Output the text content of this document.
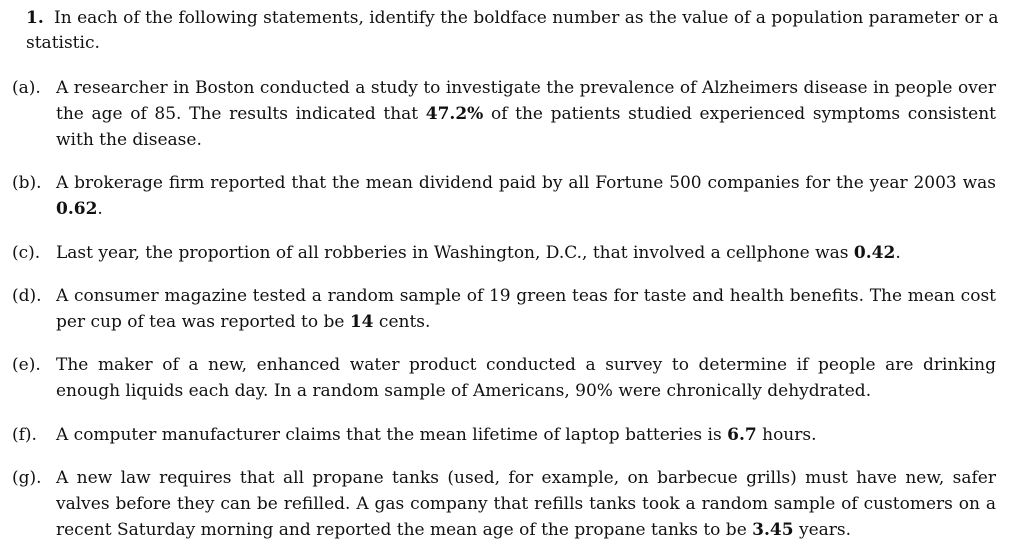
1. In each of the following statements, identify the boldface number as the value of a population parameter or a statistic.
(a). A researcher in Boston conducted a study to investigate the prevalence of Alzheimers disease in people over the age of 85. The results indicated that 47.2% of the patients studied experienced symptoms consistent with the disease.
(b). A brokerage firm reported that the mean dividend paid by all Fortune 500 companies for the year 2003 was 0.62.
(c). Last year, the proportion of all robberies in Washington, D.C., that involved a cellphone was 0.42.
(d). A consumer magazine tested a random sample of 19 green teas for taste and health benefits. The mean cost per cup of tea was reported to be 14 cents.
(e). The maker of a new, enhanced water product conducted a survey to determine if people are drinking enough liquids each day. In a random sample of Americans, 90% were chronically dehydrated.
(f).	A computer manufacturer claims that the mean lifetime of laptop batteries is 6.7 hours.
(g). A new law requires that all propane tanks (used, for example, on barbecue grills) must have new, safer valves before they can be refilled. A gas company that refills tanks took a random sample of customers on a recent Saturday morning and reported the mean age of the propane tanks to be 3.45 years.
